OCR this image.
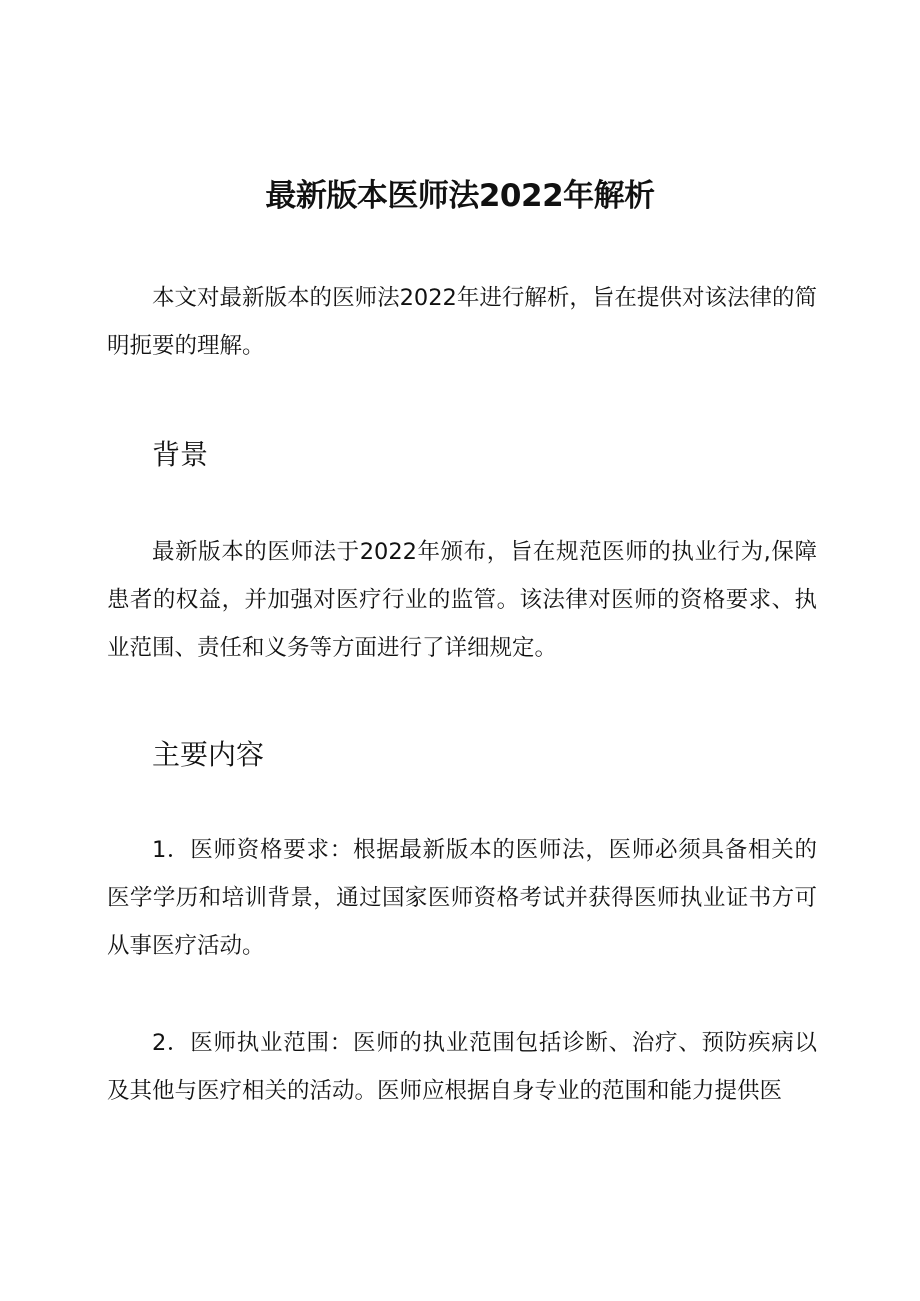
最新版本医师法2022年解析

本文对最新版本的医师法2022年进行解析，旨在提供对该法律的简明扼要的理解。

背景

最新版本的医师法于2022年颁布，旨在规范医师的执业行为,保障患者的权益，并加强对医疗行业的监管。该法律对医师的资格要求、执业范围、责任和义务等方面进行了详细规定。

主要内容

1．医师资格要求：根据最新版本的医师法，医师必须具备相关的医学学历和培训背景，通过国家医师资格考试并获得医师执业证书方可从事医疗活动。

2．医师执业范围：医师的执业范围包括诊断、治疗、预防疾病以及其他与医疗相关的活动。医师应根据自身专业的范围和能力提供医
